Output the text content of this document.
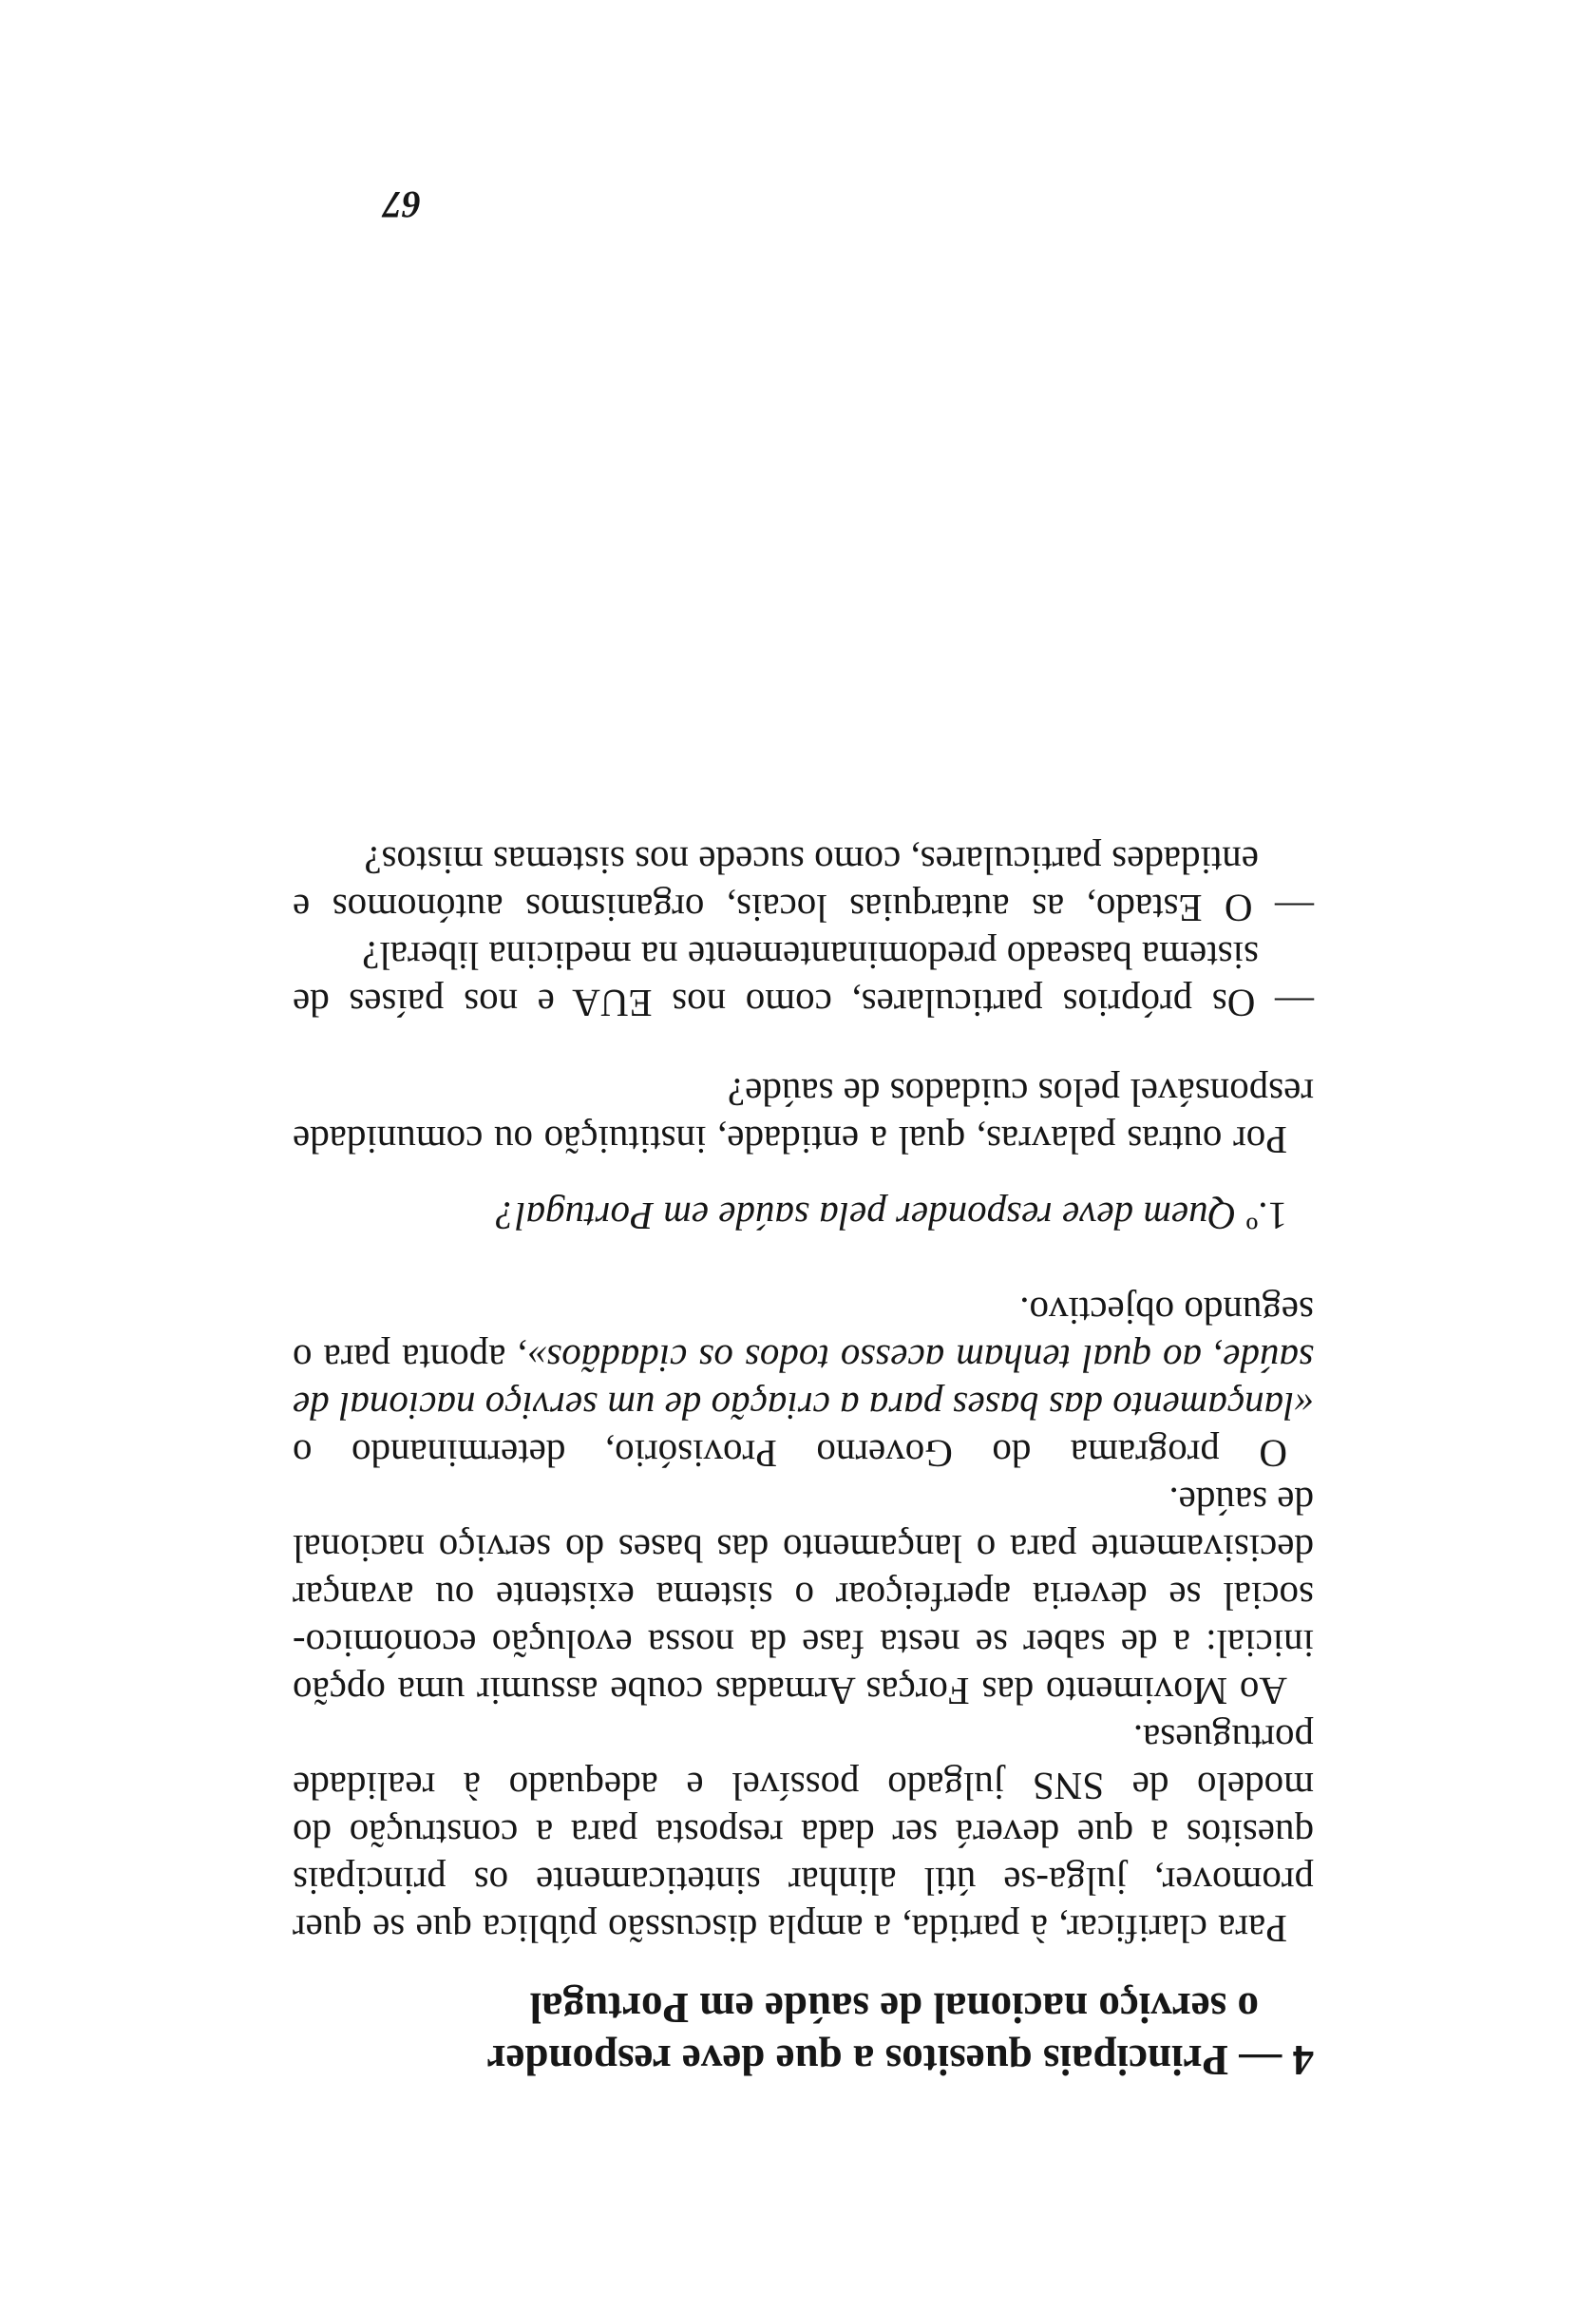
4 — Principais quesitos a que deve responder
o serviço nacional de saúde em Portugal

Para clarificar, à partida, a ampla discussão pública que se quer promover, julga-se útil alinhar sinteticamente os principais quesitos a que deverá ser dada resposta para a construção do modelo de SNS julgado possível e adequado à realidade portuguesa.

Ao Movimento das Forças Armadas coube assumir uma opção inicial: a de saber se nesta fase da nossa evolução económico-social se deveria aperfeiçoar o sistema existente ou avançar decisivamente para o lançamento das bases do serviço nacional de saúde.

O programa do Governo Provisório, determinando o «lançamento das bases para a criação de um serviço nacional de saúde, ao qual tenham acesso todos os cidadãos», aponta para o segundo objectivo.

1.º Quem deve responder pela saúde em Portugal?

Por outras palavras, qual a entidade, instituição ou comunidade responsável pelos cuidados de saúde?

— Os próprios particulares, como nos EUA e nos países de sistema baseado predominantemente na medicina liberal?

— O Estado, as autarquias locais, organismos autónomos e entidades particulares, como sucede nos sistemas mistos?

67
